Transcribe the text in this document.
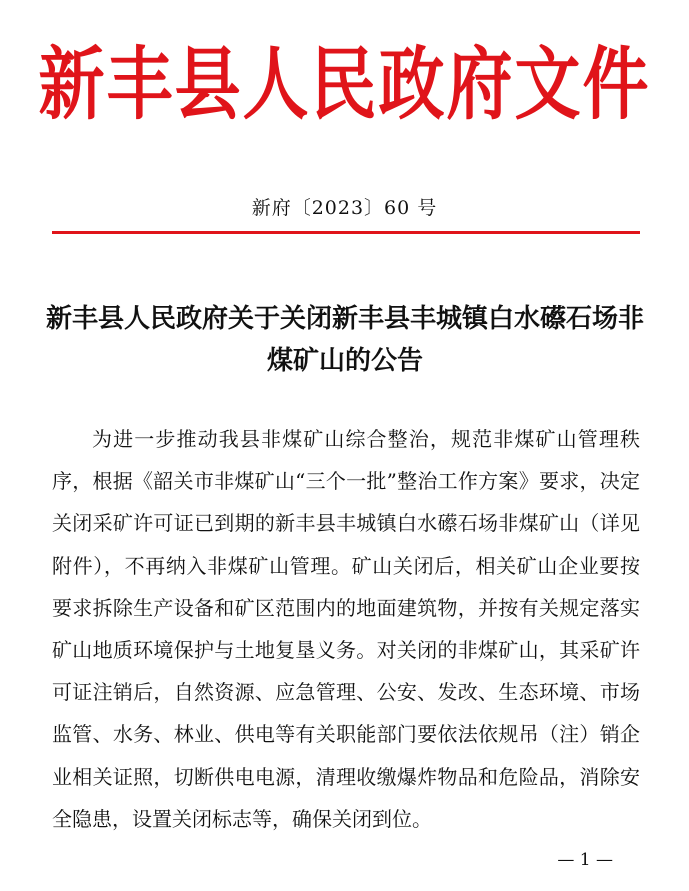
新丰县人民政府文件
新府〔2023〕60 号
新丰县人民政府关于关闭新丰县丰城镇白水礤石场非煤矿山的公告

为进一步推动我县非煤矿山综合整治，规范非煤矿山管理秩序，根据《韶关市非煤矿山“三个一批”整治工作方案》要求，决定关闭采矿许可证已到期的新丰县丰城镇白水礤石场非煤矿山（详见附件），不再纳入非煤矿山管理。矿山关闭后，相关矿山企业要按要求拆除生产设备和矿区范围内的地面建筑物，并按有关规定落实矿山地质环境保护与土地复垦义务。对关闭的非煤矿山，其采矿许可证注销后，自然资源、应急管理、公安、发改、生态环境、市场监管、水务、林业、供电等有关职能部门要依法依规吊（注）销企业相关证照，切断供电电源，清理收缴爆炸物品和危险品，消除安全隐患，设置关闭标志等，确保关闭到位。

— 1 —
